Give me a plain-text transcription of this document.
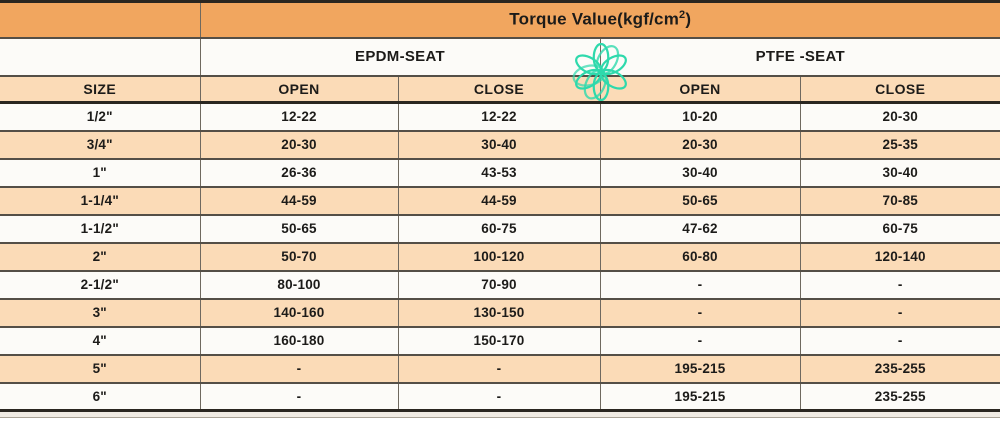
	Torque $Value(kgf/cm^2)$			
	EPDM-SEAT		PTFE -SEAT	
SIZE	OPEN	CLOSE	OPEN	CLOSE
1/2"	12-22	12-22	10-20	20-30
3/4"	20-30	30-40	20-30	25-35
1"	26-36	43-53	30-40	30-40
1-1/4"	44-59	44-59	50-65	70-85
1-1/2"	50-65	60-75	47-62	60-75
2"	50-70	100-120	60-80	120-140
2-1/2"	80-100	70-90	-	-
3"	140-160	130-150	-	-
4"	160-180	150-170	-	-
5"	-	-	195-215	235-255
6"	-	-	195-215	235-255
